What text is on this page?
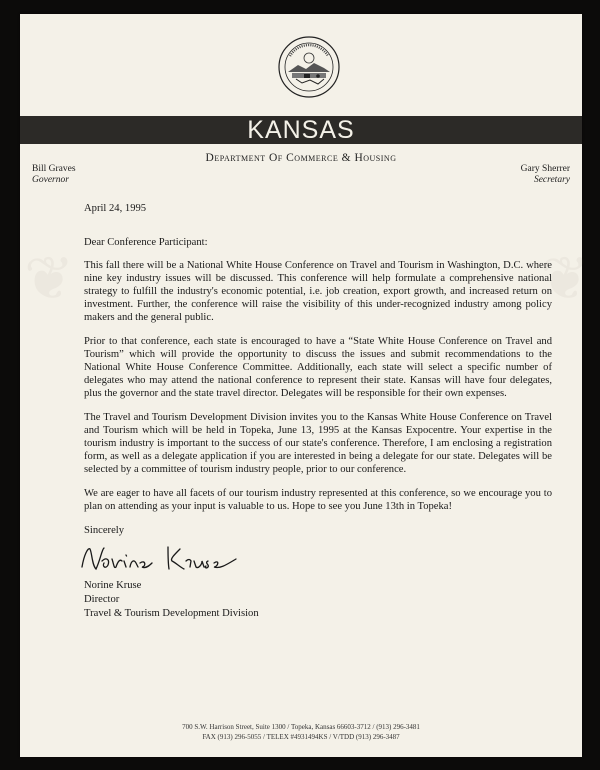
❦	❦
KANSAS
Department Of Commerce & Housing
Bill Graves
Governor
Gary Sherrer
Secretary

April 24, 1995

Dear Conference Participant:

This fall there will be a National White House Conference on Travel and Tourism in Washington, D.C. where nine key industry issues will be discussed. This conference will help formulate a comprehensive national strategy to fulfill the industry's economic potential, i.e. job creation, export growth, and increased return on investment. Further, the conference will raise the visibility of this under-recognized industry among policy makers and the general public.

Prior to that conference, each state is encouraged to have a “State White House Conference on Travel and Tourism” which will provide the opportunity to discuss the issues and submit recommendations to the National White House Conference Committee. Additionally, each state will select a specific number of delegates who may attend the national conference to represent their state. Kansas will have four delegates, plus the governor and the state travel director. Delegates will be responsible for their own expenses.

The Travel and Tourism Development Division invites you to the Kansas White House Conference on Travel and Tourism which will be held in Topeka, June 13, 1995 at the Kansas Expocentre. Your expertise in the tourism industry is important to the success of our state's conference. Therefore, I am enclosing a registration form, as well as a delegate application if you are interested in being a delegate for our state. Delegates will be selected by a committee of tourism industry people, prior to our conference.

We are eager to have all facets of our tourism industry represented at this conference, so we encourage you to plan on attending as your input is valuable to us. Hope to see you June 13th in Topeka!

Sincerely

Norine Kruse

Director

Travel & Tourism Development Division

700 S.W. Harrison Street, Suite 1300 / Topeka, Kansas 66603-3712 / (913) 296-3481
FAX (913) 296-5055 / TELEX #4931494KS / V/TDD (913) 296-3487
